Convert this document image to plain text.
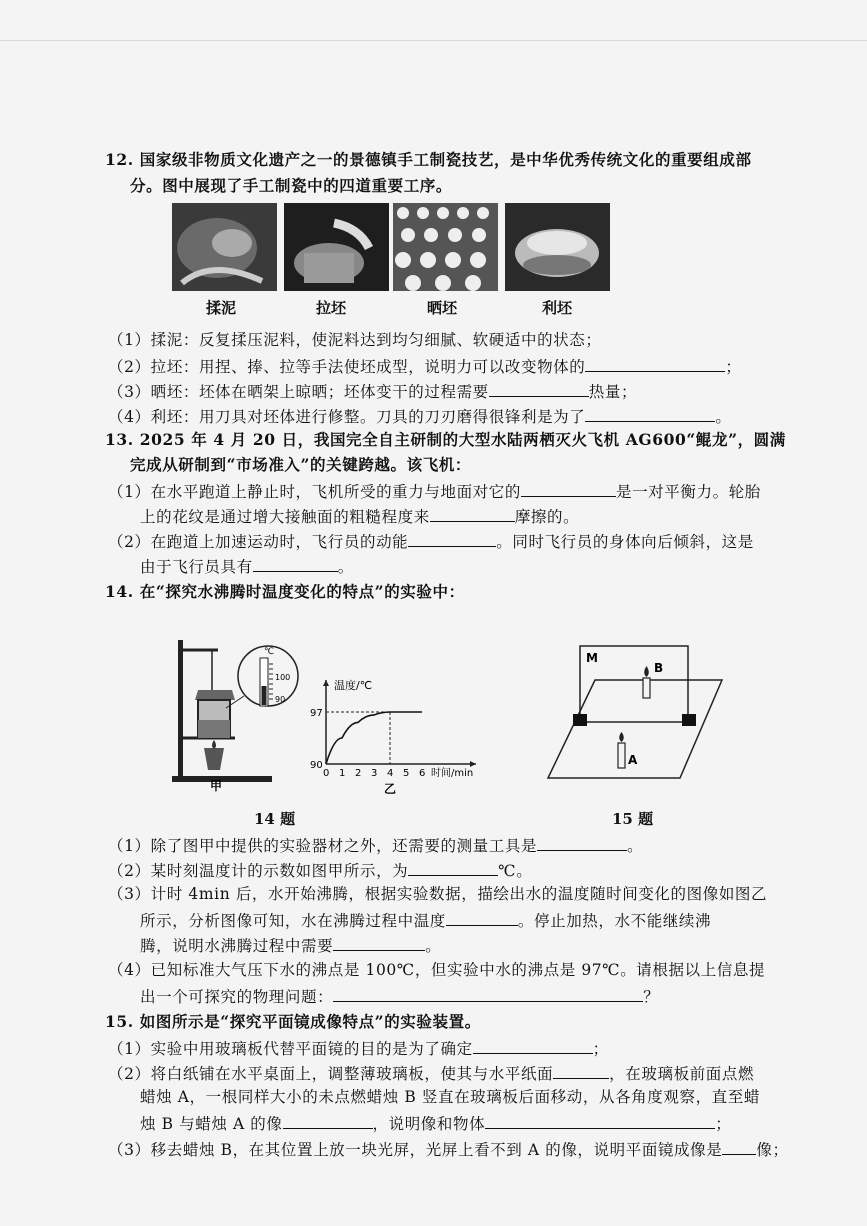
12. 国家级非物质文化遗产之一的景德镇手工制瓷技艺，是中华优秀传统文化的重要组成部
分。图中展现了手工制瓷中的四道重要工序。
揉泥	拉坯	晒坯	利坯
（1）揉泥：反复揉压泥料，使泥料达到均匀细腻、软硬适中的状态；
（2）拉坯：用捏、捧、拉等手法使坯成型，说明力可以改变物体的	；
（3）晒坯：坯体在晒架上晾晒；坯体变干的过程需要	热量；
（4）利坯：用刀具对坯体进行修整。刀具的刀刃磨得很锋利是为了	。
13. 2025 年 4 月 20 日，我国完全自主研制的大型水陆两栖灭火飞机 AG600“鲲龙”，圆满
完成从研制到“市场准入”的关键跨越。该飞机：
（1）在水平跑道上静止时，飞机所受的重力与地面对它的	是一对平衡力。轮胎
上的花纹是通过增大接触面的粗糙程度来	摩擦的。
（2）在跑道上加速运动时，飞行员的动能	。同时飞行员的身体向后倾斜，这是
由于飞行员具有	。
14. 在“探究水沸腾时温度变化的特点”的实验中：
℃
100
90
甲
温度/℃
时间/min
乙
0 1 2 3 4 5 6
90
97
M
B
A
14 题	15 题
（1）除了图甲中提供的实验器材之外，还需要的测量工具是	。
（2）某时刻温度计的示数如图甲所示，为	℃。
（3）计时 4min 后，水开始沸腾，根据实验数据，描绘出水的温度随时间变化的图像如图乙
所示，分析图像可知，水在沸腾过程中温度	。停止加热，水不能继续沸
腾，说明水沸腾过程中需要	。
（4）已知标准大气压下水的沸点是 100℃，但实验中水的沸点是 97℃。请根据以上信息提
出一个可探究的物理问题：	？
15. 如图所示是“探究平面镜成像特点”的实验装置。
（1）实验中用玻璃板代替平面镜的目的是为了确定	；
（2）将白纸铺在水平桌面上，调整薄玻璃板，使其与水平纸面	，在玻璃板前面点燃
蜡烛 A，一根同样大小的未点燃蜡烛 B 竖直在玻璃板后面移动，从各角度观察，直至蜡
烛 B 与蜡烛 A 的像	，说明像和物体	；
（3）移去蜡烛 B，在其位置上放一块光屏，光屏上看不到 A 的像，说明平面镜成像是 像；
